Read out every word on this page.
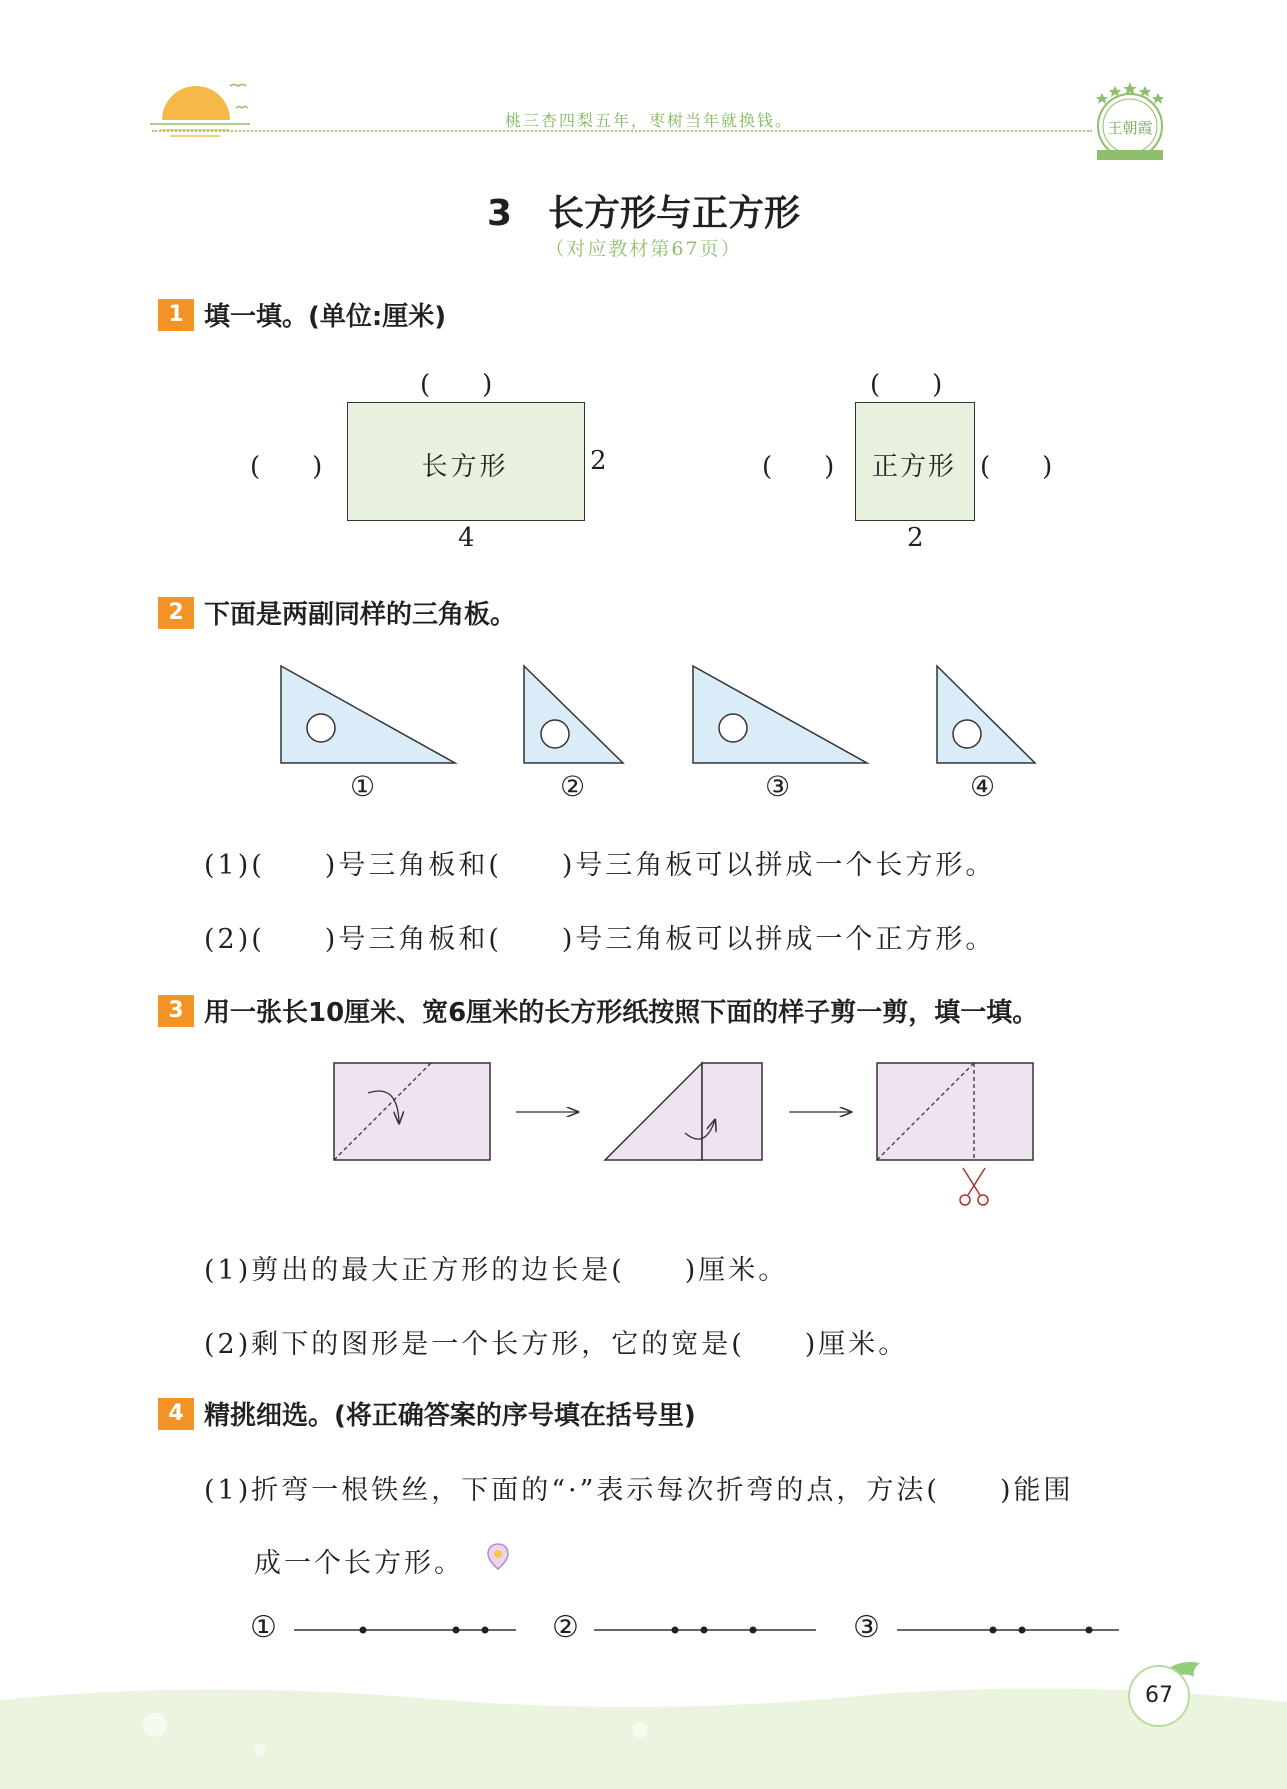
桃三杏四梨五年，枣树当年就换钱。	王朝霞
3 长方形与正方形
（对应教材第67页）
1 填一填。(单位:厘米)
(　　)
(　　)	长方形	2
4
(　　)
(　　)	正方形 (　　)
2
2 下面是两副同样的三角板。
①	②	③	④
(1)(　　)号三角板和(　　)号三角板可以拼成一个长方形。
(2)(　　)号三角板和(　　)号三角板可以拼成一个正方形。
3 用一张长10厘米、宽6厘米的长方形纸按照下面的样子剪一剪，填一填。
(1)剪出的最大正方形的边长是(　　)厘米。
(2)剩下的图形是一个长方形，它的宽是(　　)厘米。
4 精挑细选。(将正确答案的序号填在括号里)
(1)折弯一根铁丝，下面的“·”表示每次折弯的点，方法(　　)能围
成一个长方形。
①	②	③
67
